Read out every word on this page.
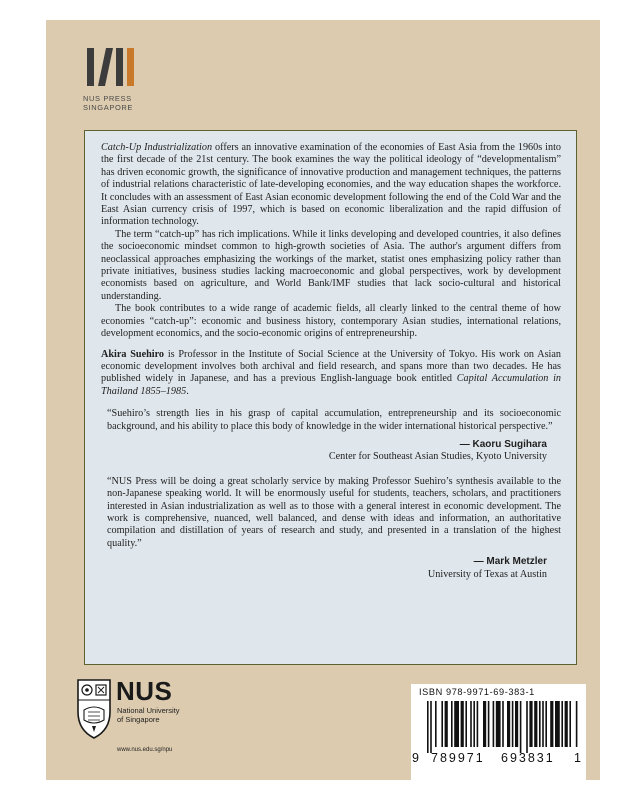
NUS PRESS
SINGAPORE

Catch-Up Industrialization offers an innovative examination of the economies of East Asia from the 1960s into the first decade of the 21st century. The book examines the way the political ideology of “developmentalism” has driven economic growth, the significance of innovative production and management techniques, the patterns of industrial relations characteristic of late-developing economies, and the way education shapes the workforce. It concludes with an assessment of East Asian economic development following the end of the Cold War and the East Asian currency crisis of 1997, which is based on economic liberalization and the rapid diffusion of information technology.

The term “catch-up” has rich implications. While it links developing and developed countries, it also defines the socioeconomic mindset common to high-growth societies of Asia. The author's argument differs from neoclassical approaches emphasizing the workings of the market, statist ones emphasizing policy rather than private initiatives, business studies lacking macroeconomic and global perspectives, work by development economists based on agriculture, and World Bank/IMF studies that lack socio-cultural and historical understanding.

The book contributes to a wide range of academic fields, all clearly linked to the central theme of how economies “catch-up”: economic and business history, contemporary Asian studies, international relations, development economics, and the socio-economic origins of entrepreneurship.

Akira Suehiro is Professor in the Institute of Social Science at the University of Tokyo. His work on Asian economic development involves both archival and field research, and spans more than two decades. He has published widely in Japanese, and has a previous English-language book entitled Capital Accumulation in Thailand 1855–1985.
“Suehiro’s strength lies in his grasp of capital accumulation, entrepreneurship and its socioeconomic background, and his ability to place this body of knowledge in the wider international historical perspective.”
— Kaoru Sugihara
Center for Southeast Asian Studies, Kyoto University
“NUS Press will be doing a great scholarly service by making Professor Suehiro’s synthesis available to the non-Japanese speaking world. It will be enormously useful for students, teachers, scholars, and practitioners interested in Asian industrialization as well as to those with a general interest in economic development. The work is comprehensive, nuanced, well balanced, and dense with ideas and information, an authoritative compilation and distillation of years of research and study, and presented in a translation of the highest quality.”
— Mark Metzler
University of Texas at Austin
NUS
National University
of Singapore
www.nus.edu.sg/npu
ISBN 978-9971-69-383-1
9 789971 693831 1
